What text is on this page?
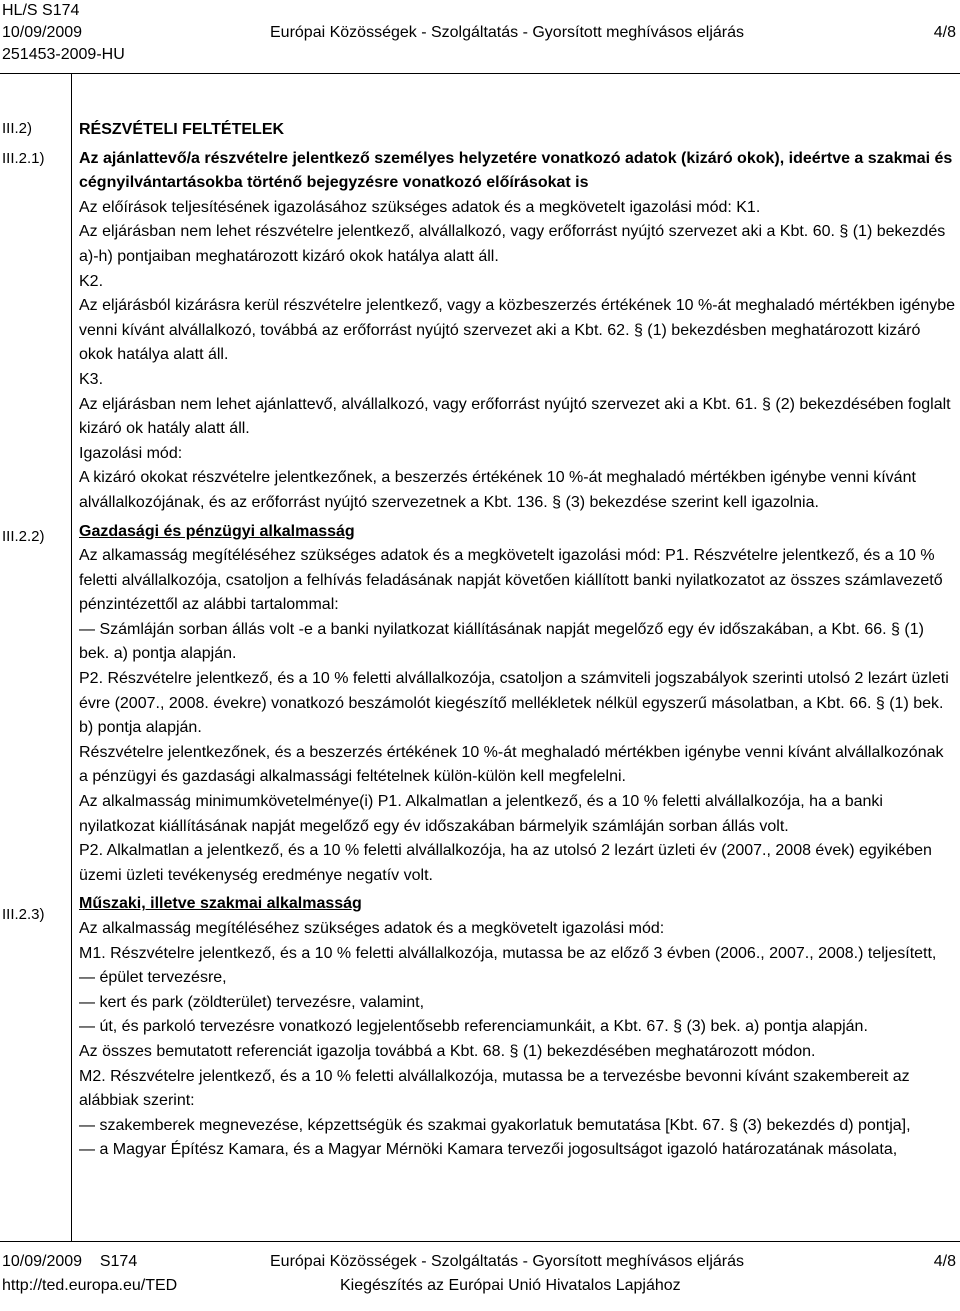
HL/S S174
10/09/2009
251453-2009-HU
Európai Közösségek - Szolgáltatás - Gyorsított meghívásos eljárás	4/8
III.2)
III.2.1)
III.2.2)
III.2.3)

RÉSZVÉTELI FELTÉTELEK

Az ajánlattevő/a részvételre jelentkező személyes helyzetére vonatkozó adatok (kizáró okok), ideértve a szakmai és cégnyilvántartásokba történő bejegyzésre vonatkozó előírásokat is

Az előírások teljesítésének igazolásához szükséges adatok és a megkövetelt igazolási mód: K1.

Az eljárásban nem lehet részvételre jelentkező, alvállalkozó, vagy erőforrást nyújtó szervezet aki a Kbt. 60. § (1) bekezdés a)-h) pontjaiban meghatározott kizáró okok hatálya alatt áll.

K2.

Az eljárásból kizárásra kerül részvételre jelentkező, vagy a közbeszerzés értékének 10 %-át meghaladó mértékben igénybe venni kívánt alvállalkozó, továbbá az erőforrást nyújtó szervezet aki a Kbt. 62. § (1) bekezdésben meghatározott kizáró okok hatálya alatt áll.

K3.

Az eljárásban nem lehet ajánlattevő, alvállalkozó, vagy erőforrást nyújtó szervezet aki a Kbt. 61. § (2) bekezdésében foglalt kizáró ok hatály alatt áll.

Igazolási mód:

A kizáró okokat részvételre jelentkezőnek, a beszerzés értékének 10 %-át meghaladó mértékben igénybe venni kívánt alvállalkozójának, és az erőforrást nyújtó szervezetnek a Kbt. 136. § (3) bekezdése szerint kell igazolnia.

Gazdasági és pénzügyi alkalmasság

Az alkamasság megítéléséhez szükséges adatok és a megkövetelt igazolási mód: P1. Részvételre jelentkező, és a 10 % feletti alvállalkozója, csatoljon a felhívás feladásának napját követően kiállított banki nyilatkozatot az összes számlavezető pénzintézettől az alábbi tartalommal:

— Számláján sorban állás volt -e a banki nyilatkozat kiállításának napját megelőző egy év időszakában, a Kbt. 66. § (1) bek. a) pontja alapján.

P2. Részvételre jelentkező, és a 10 % feletti alvállalkozója, csatoljon a számviteli jogszabályok szerinti utolsó 2 lezárt üzleti évre (2007., 2008. évekre) vonatkozó beszámolót kiegészítő mellékletek nélkül egyszerű másolatban, a Kbt. 66. § (1) bek. b) pontja alapján.

Részvételre jelentkezőnek, és a beszerzés értékének 10 %-át meghaladó mértékben igénybe venni kívánt alvállalkozónak a pénzügyi és gazdasági alkalmassági feltételnek külön-külön kell megfelelni.

Az alkalmasság minimumkövetelménye(i) P1. Alkalmatlan a jelentkező, és a 10 % feletti alvállalkozója, ha a banki nyilatkozat kiállításának napját megelőző egy év időszakában bármelyik számláján sorban állás volt.

P2. Alkalmatlan a jelentkező, és a 10 % feletti alvállalkozója, ha az utolsó 2 lezárt üzleti év (2007., 2008 évek) egyikében üzemi üzleti tevékenység eredménye negatív volt.

Műszaki, illetve szakmai alkalmasság

Az alkalmasság megítéléséhez szükséges adatok és a megkövetelt igazolási mód:

M1. Részvételre jelentkező, és a 10 % feletti alvállalkozója, mutassa be az előző 3 évben (2006., 2007., 2008.) teljesített,

— épület tervezésre,

— kert és park (zöldterület) tervezésre, valamint,

— út, és parkoló tervezésre vonatkozó legjelentősebb referenciamunkáit, a Kbt. 67. § (3) bek. a) pontja alapján.

Az összes bemutatott referenciát igazolja továbbá a Kbt. 68. § (1) bekezdésében meghatározott módon.

M2. Részvételre jelentkező, és a 10 % feletti alvállalkozója, mutassa be a tervezésbe bevonni kívánt szakembereit az alábbiak szerint:

— szakemberek megnevezése, képzettségük és szakmai gyakorlatuk bemutatása [Kbt. 67. § (3) bekezdés d) pontja],

— a Magyar Építész Kamara, és a Magyar Mérnöki Kamara tervezői jogosultságot igazoló határozatának másolata,

10/09/2009 S174
http://ted.europa.eu/TED
Európai Közösségek - Szolgáltatás - Gyorsított meghívásos eljárás
Kiegészítés az Európai Unió Hivatalos Lapjához
4/8
